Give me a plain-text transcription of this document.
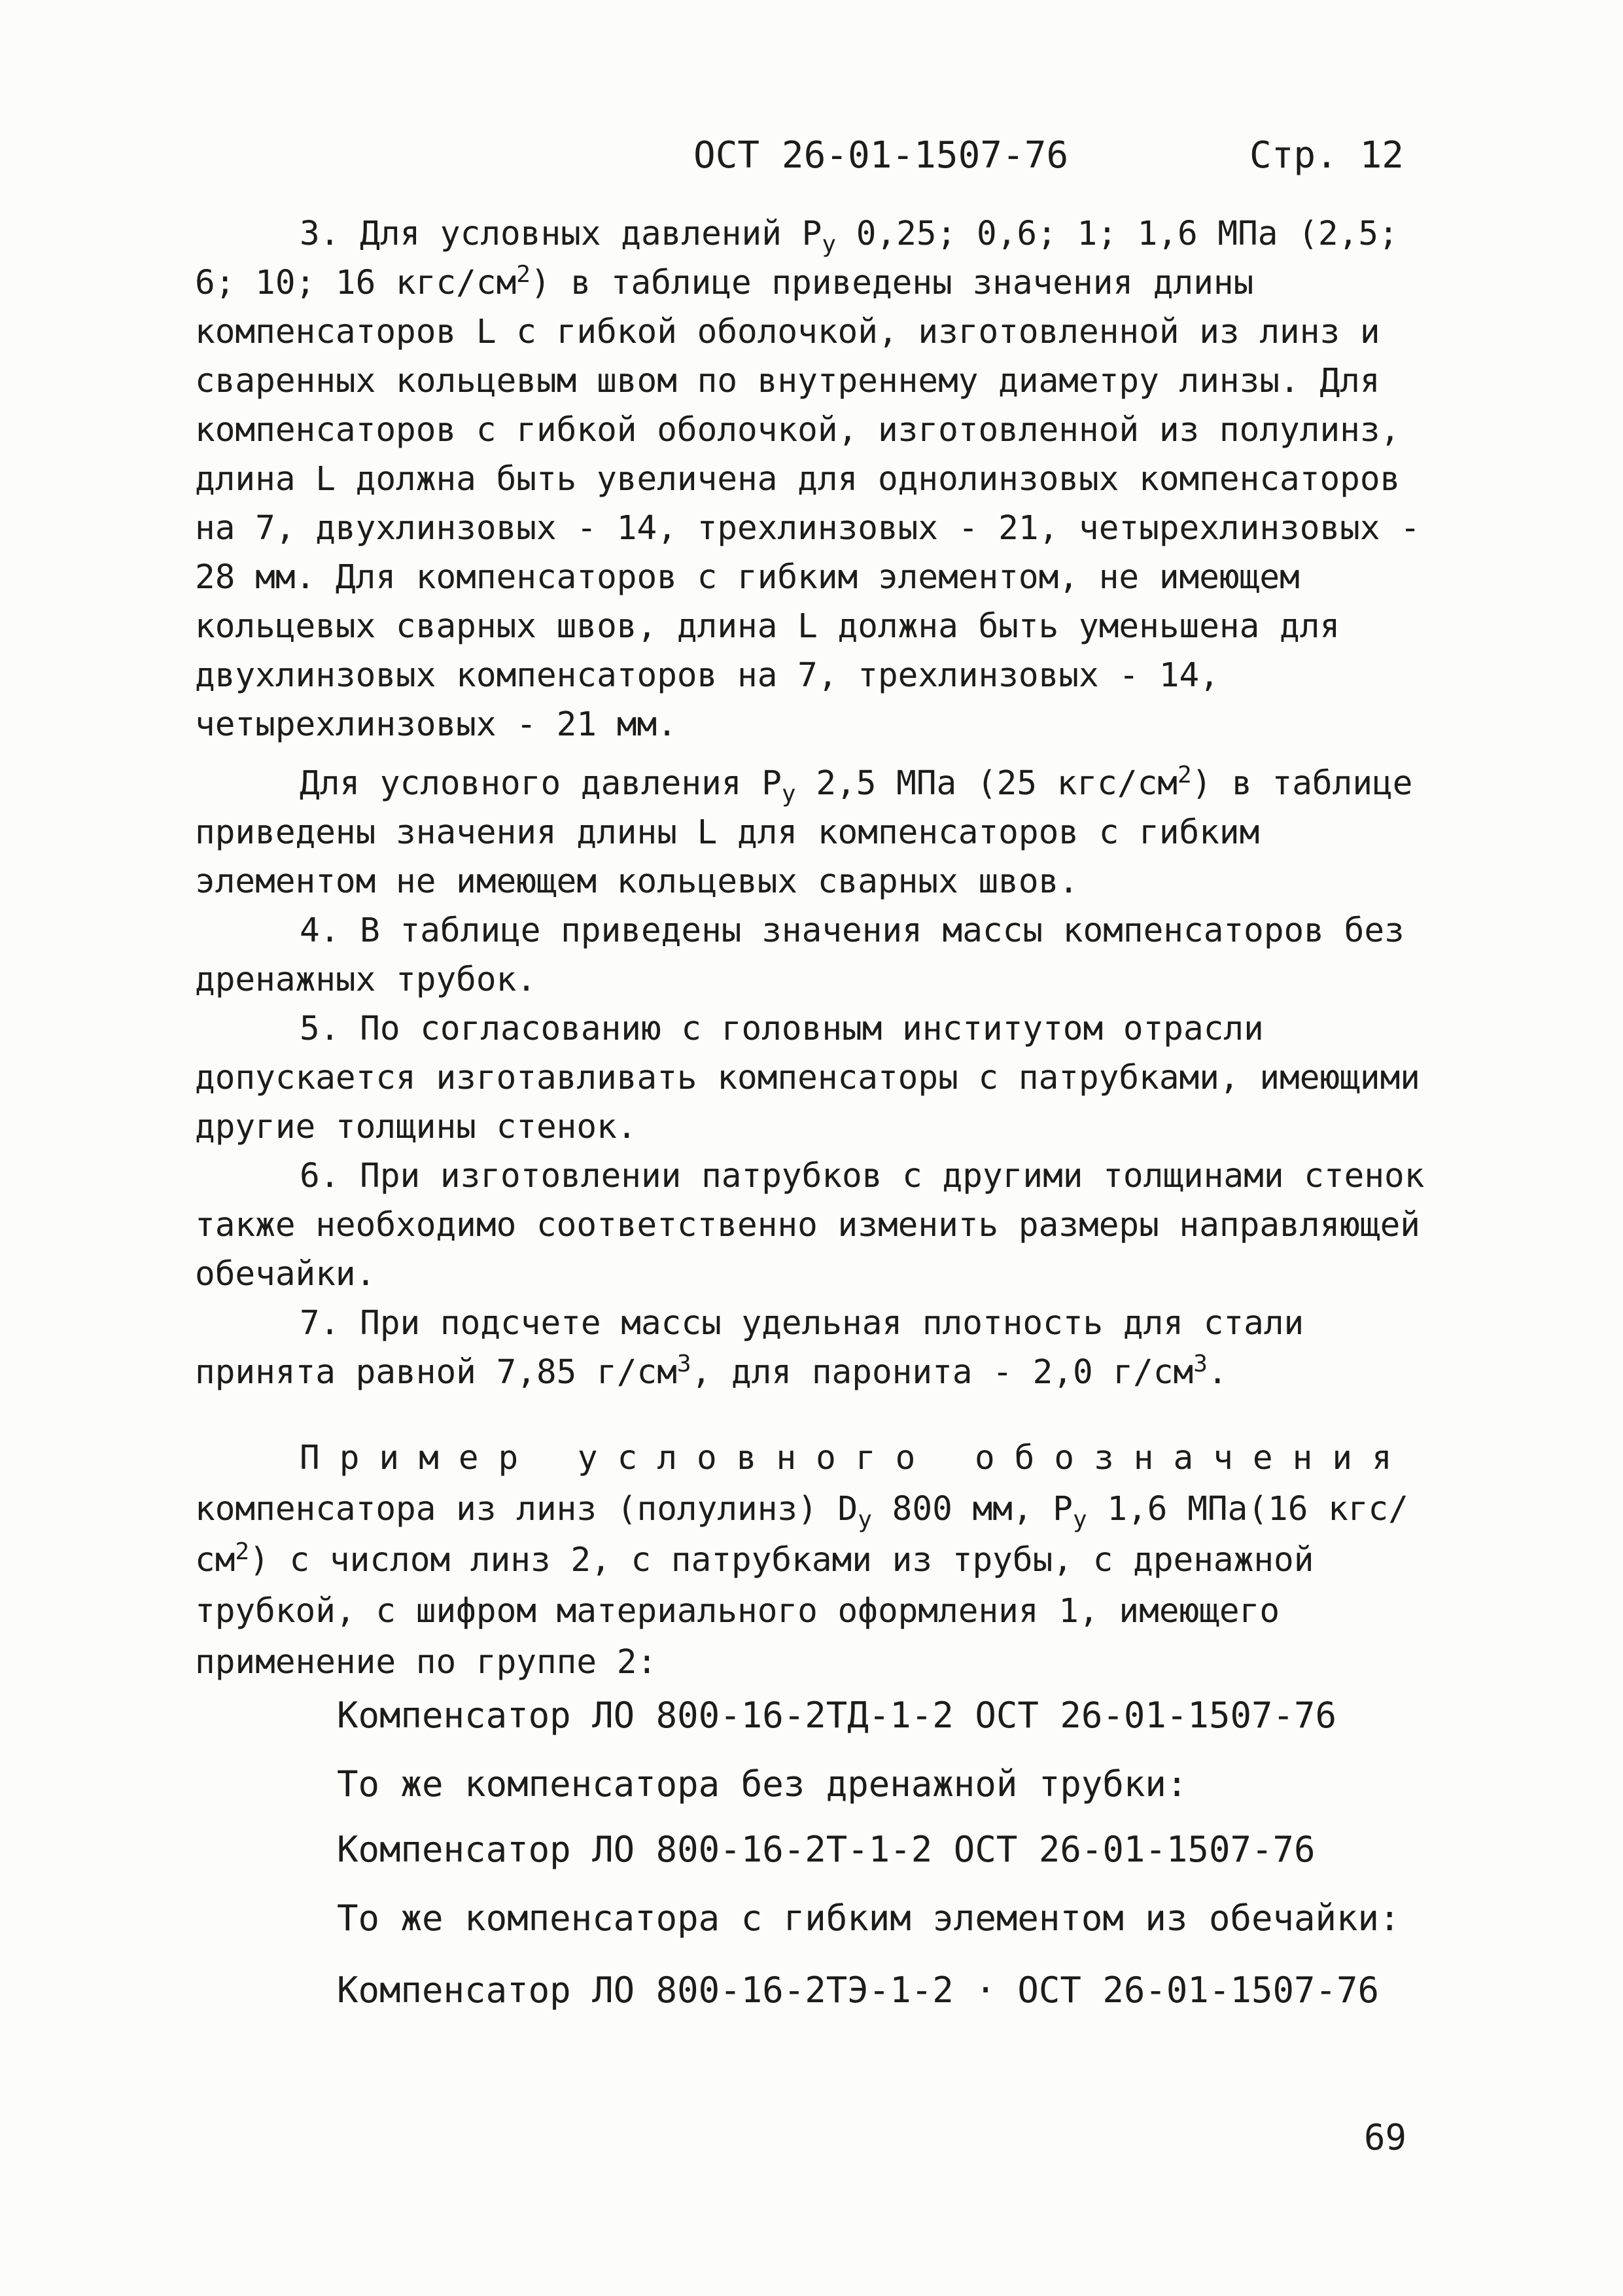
ОСТ 26-01-1507-76	Стр. 12

3. Для условных давлений $P_y$ 0,25; 0,6; 1; 1,6 МПа (2,5; 6; 10; 16 кгс/$см^2$) в таблице приведены значения длины компенсаторов L с гибкой оболочкой, изготовленной из линз и сваренных кольцевым швом по внутреннему диаметру линзы. Для компенсаторов с гибкой оболочкой, изготовленной из полулинз, длина L должна быть увеличена для однолинзовых компенсаторов на 7, двухлинзовых - 14, трехлинзовых - 21, четырехлинзовых - 28 мм. Для компенсаторов с гибким элементом, не имеющем кольцевых сварных швов, длина L должна быть уменьшена для двухлинзовых компенсаторов на 7, трехлинзовых - 14, четырехлинзовых - 21 мм.

Для условного давления $P_y$ 2,5 МПа (25 кгс/$см^2$) в таблице приведены значения длины L для компенсаторов с гибким элементом не имеющем кольцевых сварных швов.

4. В таблице приведены значения массы компенсаторов без дренажных трубок.

5. По согласованию с головным институтом отрасли допускается изготавливать компенсаторы с патрубками, имеющими другие толщины стенок.

6. При изготовлении патрубков с другими толщинами стенок также необходимо соответственно изменить размеры направляющей обечайки.

7. При подсчете массы удельная плотность для стали принята равной 7,85 $г/см^3$, для паронита - 2,0 $г/см^3$.

Пример условного обозначения компенсатора из линз (полулинз) $D_y$ 800 мм, $P_y$ 1,6 МПа(16 кгс/$см^2$) с числом линз 2, с патрубками из трубы, с дренажной трубкой, с шифром материального оформления 1, имеющего применение по группе 2:

Компенсатор ЛО 800-16-2ТД-1-2 ОСТ 26-01-1507-76
То же компенсатора без дренажной трубки:
Компенсатор ЛО 800-16-2Т-1-2 ОСТ 26-01-1507-76
То же компенсатора с гибким элементом из обечайки:
Компенсатор ЛО 800-16-2ТЭ-1-2 · ОСТ 26-01-1507-76
69
